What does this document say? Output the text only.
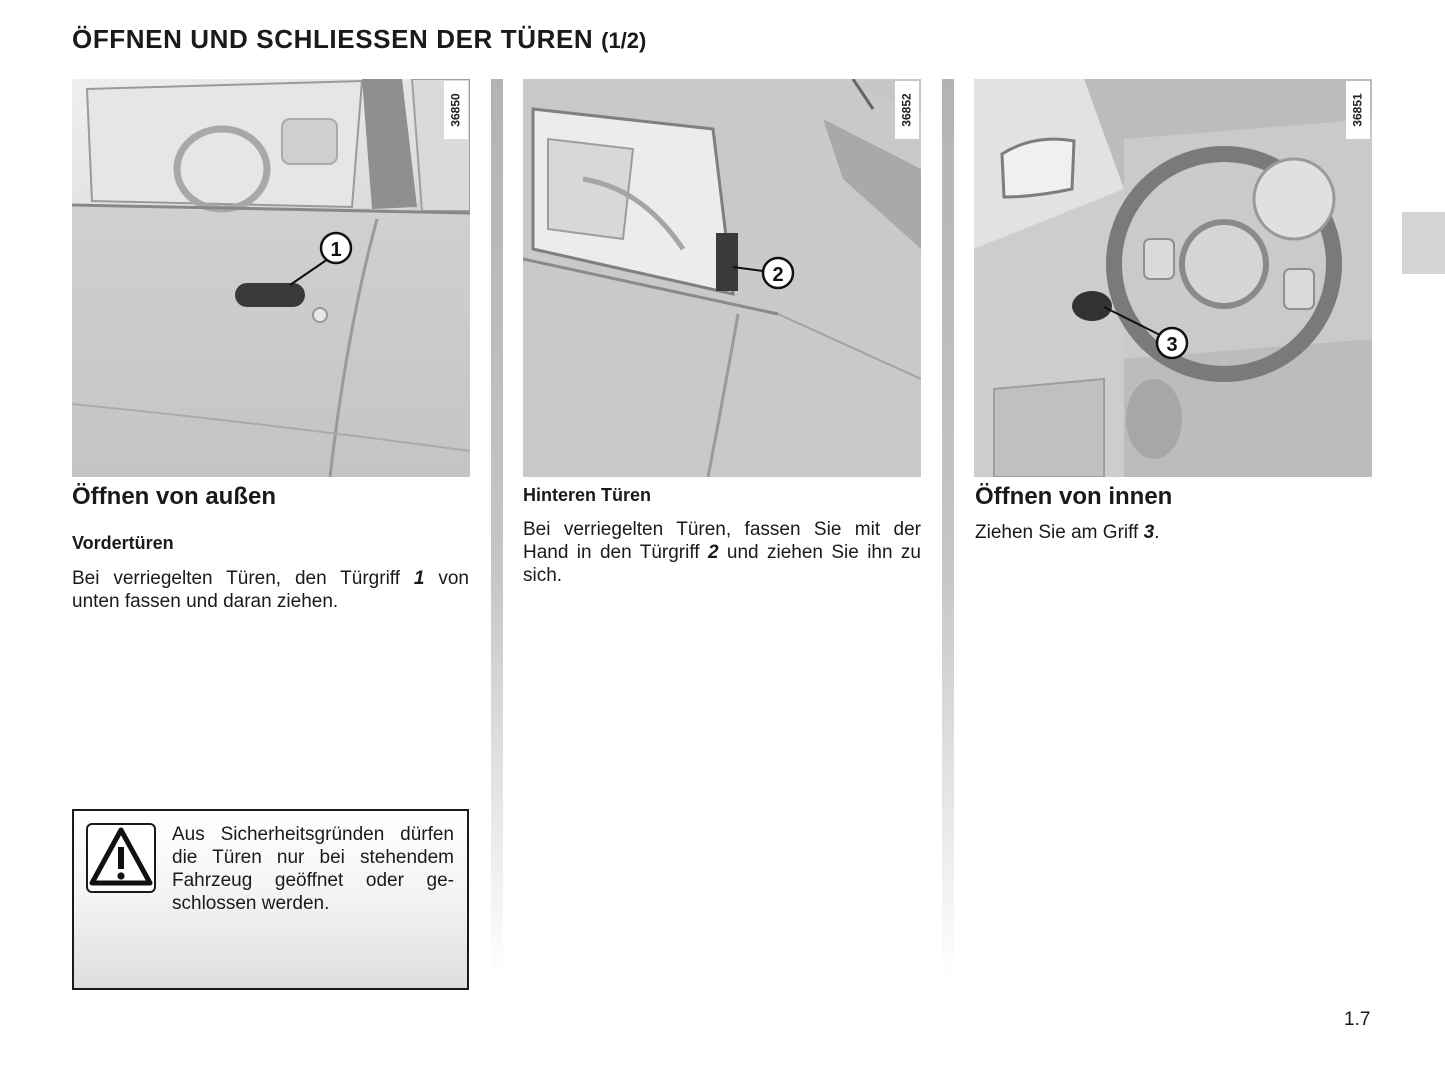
ÖFFNEN UND SCHLIESSEN DER TÜREN (1/2)
1
36850
2
36852
3
36851
Öffnen von außen
Vordertüren
Bei verriegelten Türen, den Türgriff 1 von unten fassen und daran ziehen.
Hinteren Türen
Bei verriegelten Türen, fassen Sie mit der Hand in den Türgriff 2 und ziehen Sie ihn zu sich.
Öffnen von innen
Ziehen Sie am Griff 3.
Aus Sicherheitsgründen dürfen die Türen nur bei stehendem Fahrzeug geöffnet oder ge-schlossen werden.
1.7
